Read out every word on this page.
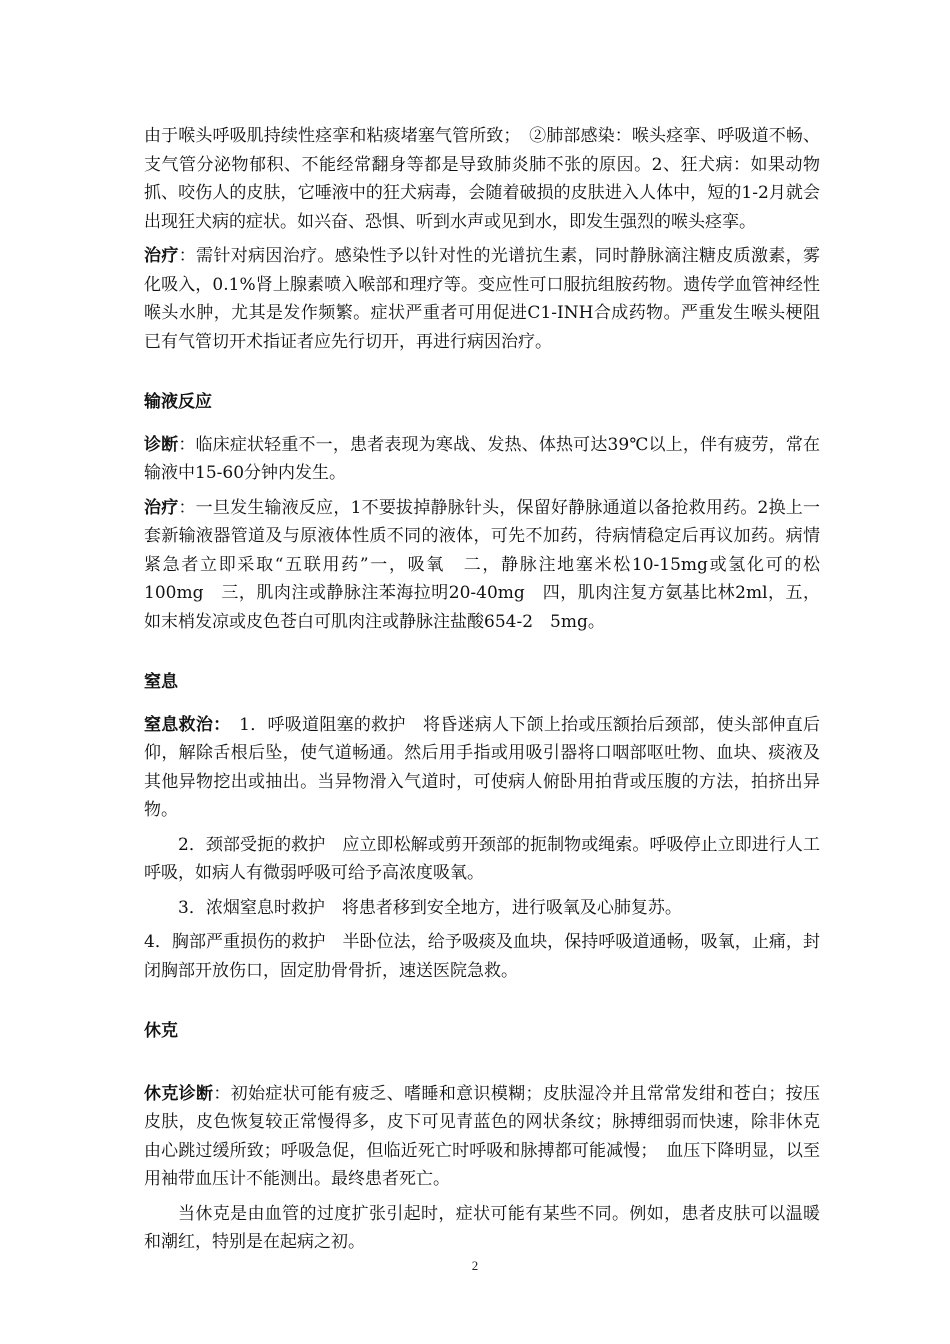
由于喉头呼吸肌持续性痉挛和粘痰堵塞气管所致；　②肺部感染：喉头痉挛、呼吸道不畅、支气管分泌物郁积、不能经常翻身等都是导致肺炎肺不张的原因。2、狂犬病：如果动物抓、咬伤人的皮肤，它唾液中的狂犬病毒，会随着破损的皮肤进入人体中，短的1-2月就会出现狂犬病的症状。如兴奋、恐惧、听到水声或见到水，即发生强烈的喉头痉挛。

治疗：需针对病因治疗。感染性予以针对性的光谱抗生素，同时静脉滴注糖皮质激素，雾化吸入，0.1%肾上腺素喷入喉部和理疗等。变应性可口服抗组胺药物。遗传学血管神经性喉头水肿，尤其是发作频繁。症状严重者可用促进C1-INH合成药物。严重发生喉头梗阻已有气管切开术指证者应先行切开，再进行病因治疗。

输液反应

诊断：临床症状轻重不一，患者表现为寒战、发热、体热可达39℃以上，伴有疲劳，常在输液中15-60分钟内发生。

治疗：一旦发生输液反应，1不要拔掉静脉针头，保留好静脉通道以备抢救用药。2换上一套新输液器管道及与原液体性质不同的液体，可先不加药，待病情稳定后再议加药。病情紧急者立即采取“五联用药”一，吸氧　二，静脉注地塞米松10-15mg或氢化可的松100mg　三，肌肉注或静脉注苯海拉明20-40mg　四，肌肉注复方氨基比林2ml，五，如末梢发凉或皮色苍白可肌肉注或静脉注盐酸654-2　5mg。

窒息

窒息救治：　1．呼吸道阻塞的救护　将昏迷病人下颌上抬或压额抬后颈部，使头部伸直后仰，解除舌根后坠，使气道畅通。然后用手指或用吸引器将口咽部呕吐物、血块、痰液及其他异物挖出或抽出。当异物滑入气道时，可使病人俯卧用拍背或压腹的方法，拍挤出异物。

2．颈部受扼的救护　应立即松解或剪开颈部的扼制物或绳索。呼吸停止立即进行人工呼吸，如病人有微弱呼吸可给予高浓度吸氧。

3．浓烟窒息时救护　将患者移到安全地方，进行吸氧及心肺复苏。

4．胸部严重损伤的救护　半卧位法，给予吸痰及血块，保持呼吸道通畅，吸氧，止痛，封闭胸部开放伤口，固定肋骨骨折，速送医院急救。

休克

休克诊断：初始症状可能有疲乏、嗜睡和意识模糊；皮肤湿冷并且常常发绀和苍白；按压皮肤，皮色恢复较正常慢得多，皮下可见青蓝色的网状条纹；脉搏细弱而快速，除非休克由心跳过缓所致；呼吸急促，但临近死亡时呼吸和脉搏都可能减慢；　血压下降明显，以至用袖带血压计不能测出。最终患者死亡。

当休克是由血管的过度扩张引起时，症状可能有某些不同。例如，患者皮肤可以温暖和潮红，特别是在起病之初。

2
